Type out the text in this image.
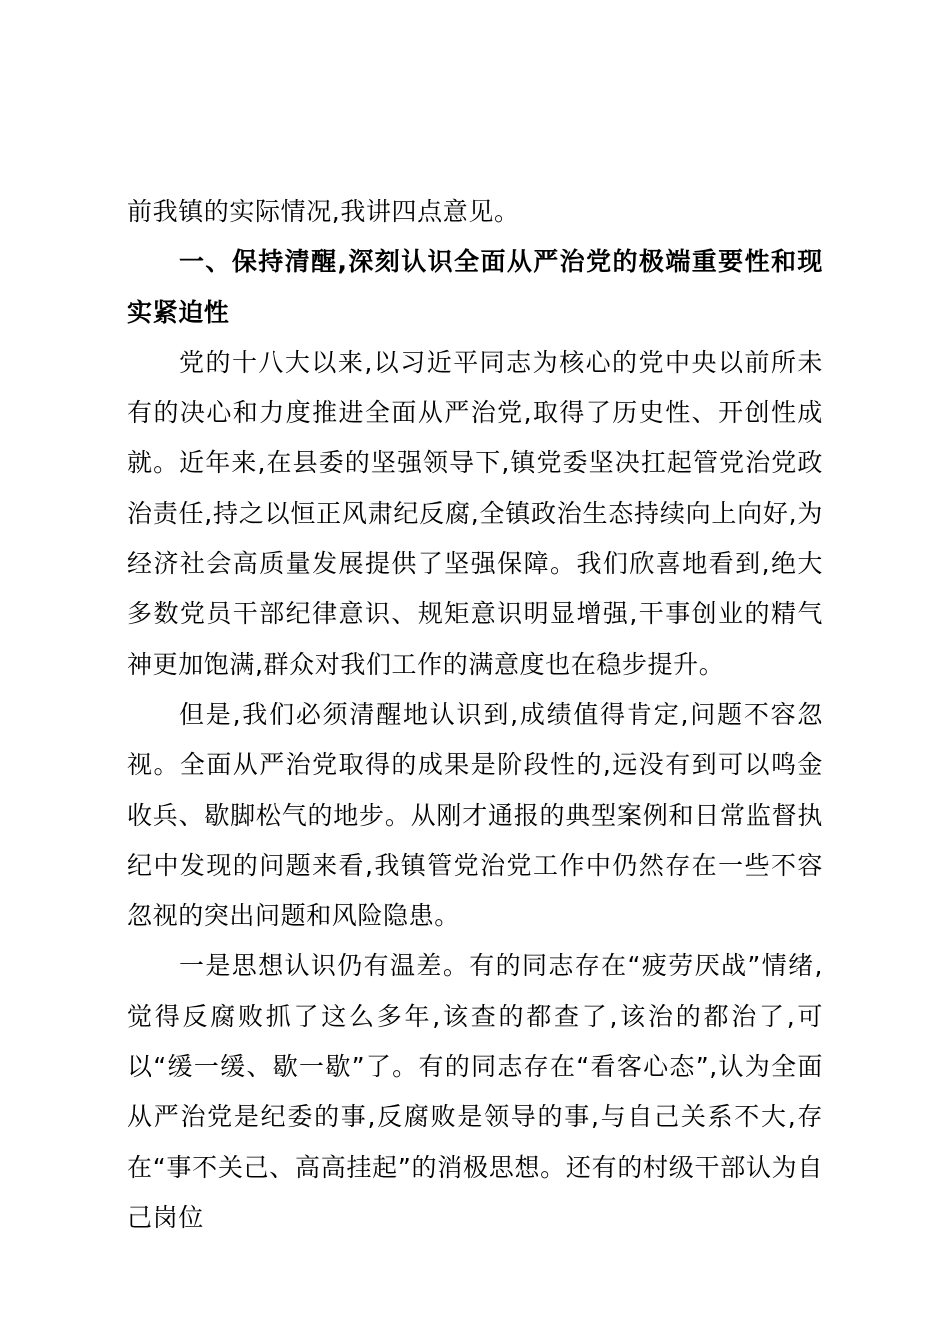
前我镇的实际情况,我讲四点意见。

一、保持清醒,深刻认识全面从严治党的极端重要性和现实紧迫性

党的十八大以来,以习近平同志为核心的党中央以前所未有的决心和力度推进全面从严治党,取得了历史性、开创性成就。近年来,在县委的坚强领导下,镇党委坚决扛起管党治党政治责任,持之以恒正风肃纪反腐,全镇政治生态持续向上向好,为经济社会高质量发展提供了坚强保障。我们欣喜地看到,绝大多数党员干部纪律意识、规矩意识明显增强,干事创业的精气神更加饱满,群众对我们工作的满意度也在稳步提升。

但是,我们必须清醒地认识到,成绩值得肯定,问题不容忽视。全面从严治党取得的成果是阶段性的,远没有到可以鸣金收兵、歇脚松气的地步。从刚才通报的典型案例和日常监督执纪中发现的问题来看,我镇管党治党工作中仍然存在一些不容忽视的突出问题和风险隐患。

一是思想认识仍有温差。有的同志存在“疲劳厌战”情绪,觉得反腐败抓了这么多年,该查的都查了,该治的都治了,可以“缓一缓、歇一歇”了。有的同志存在“看客心态”,认为全面从严治党是纪委的事,反腐败是领导的事,与自己关系不大,存在“事不关己、高高挂起”的消极思想。还有的村级干部认为自己岗位
